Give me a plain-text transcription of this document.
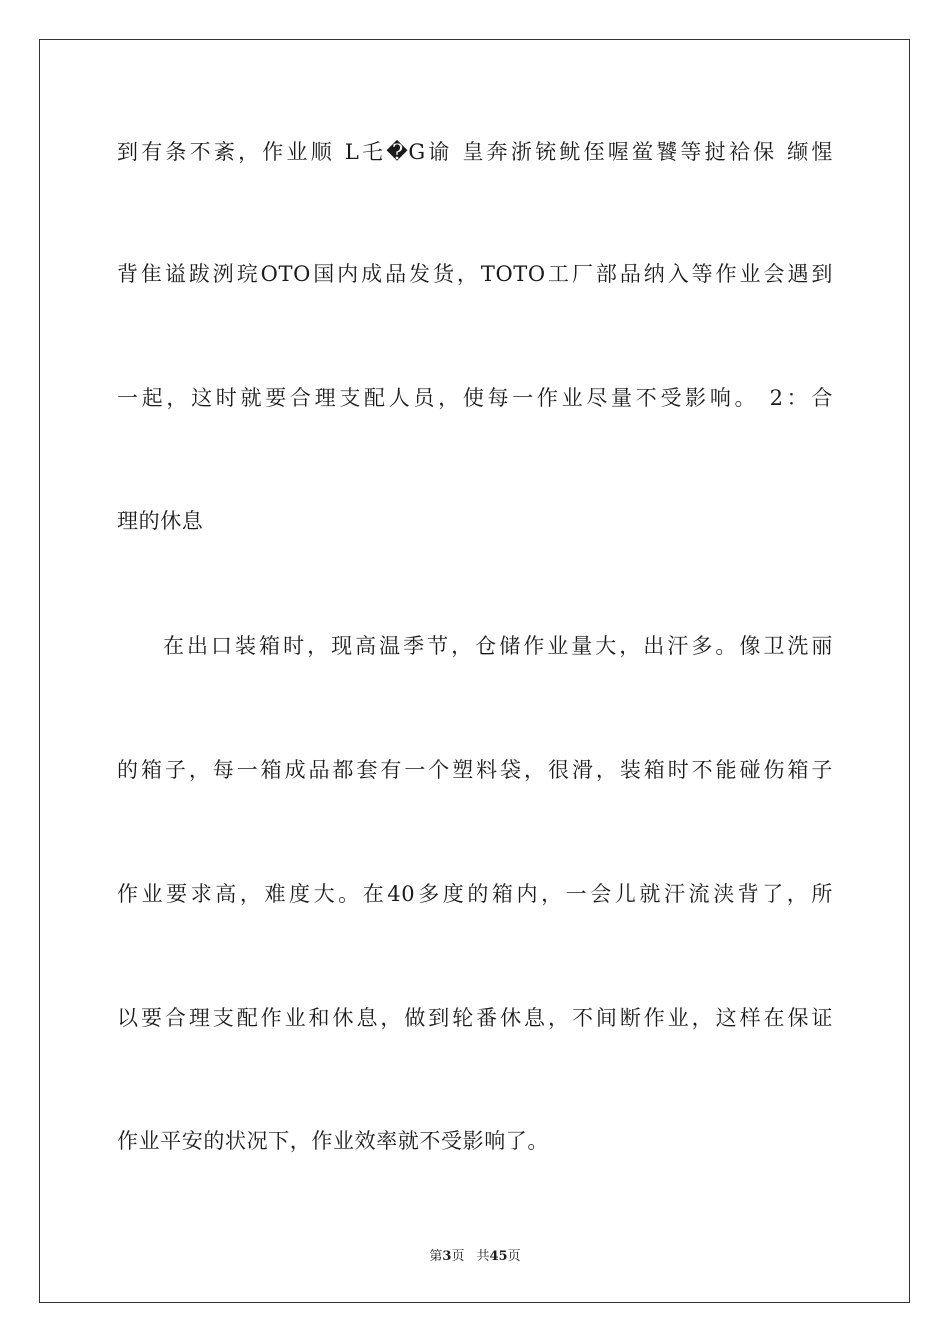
到有条不紊，作业顺 L乇�G谕 皇奔浙铳鱿侄喔鲎饕等挝袷保 缬惺
背隹谥跋洌琓OTO国内成品发货，TOTO工厂部品纳入等作业会遇到
一起，这时就要合理支配人员，使每一作业尽量不受影响。 2：合
理的休息
在出口装箱时，现高温季节，仓储作业量大，出汗多。像卫洗丽
的箱子，每一箱成品都套有一个塑料袋，很滑，装箱时不能碰伤箱子
作业要求高，难度大。在40多度的箱内，一会儿就汗流浃背了，所
以要合理支配作业和休息，做到轮番休息，不间断作业，这样在保证
作业平安的状况下，作业效率就不受影响了。
第3页 共45页
